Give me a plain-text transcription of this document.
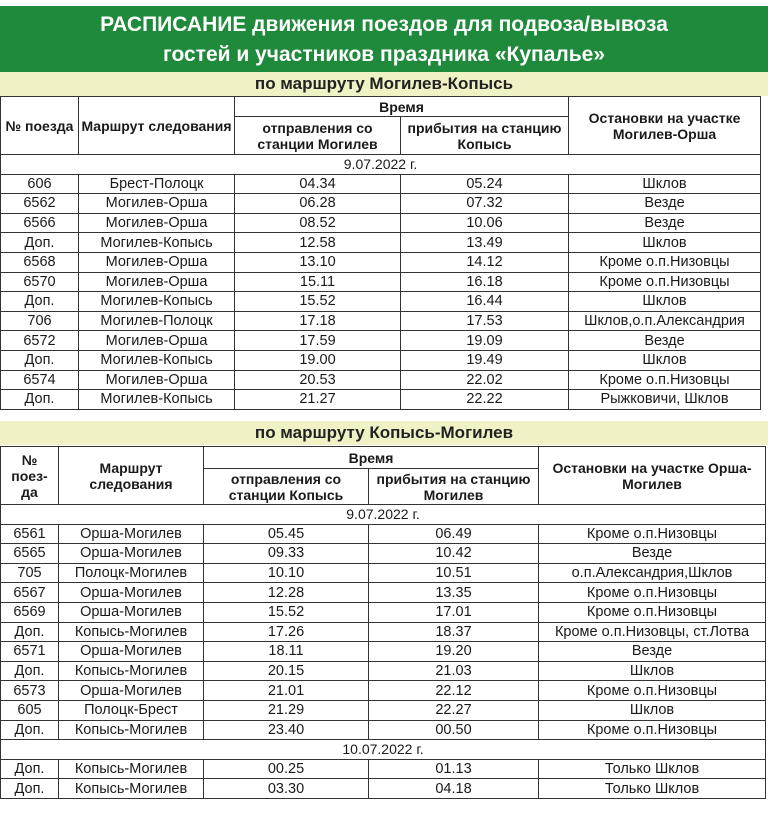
РАСПИСАНИЕ движения поездов для подвоза/вывоза
гостей и участников праздника «Купалье»
по маршруту Могилев-Копысь
№ поезда	Маршрут следования	Время		Остановки на участке Могилев-Орша
		отправления со станции Могилев	прибытия на станцию Копысь	
9.07.2022 г.				
606	Брест-Полоцк	04.34	05.24	Шклов
6562	Могилев-Орша	06.28	07.32	Везде
6566	Могилев-Орша	08.52	10.06	Везде
Доп.	Могилев-Копысь	12.58	13.49	Шклов
6568	Могилев-Орша	13.10	14.12	Кроме о.п.Низовцы
6570	Могилев-Орша	15.11	16.18	Кроме о.п.Низовцы
Доп.	Могилев-Копысь	15.52	16.44	Шклов
706	Могилев-Полоцк	17.18	17.53	Шклов,о.п.Александрия
6572	Могилев-Орша	17.59	19.09	Везде
Доп.	Могилев-Копысь	19.00	19.49	Шклов
6574	Могилев-Орша	20.53	22.02	Кроме о.п.Низовцы
Доп.	Могилев-Копысь	21.27	22.22	Рыжковичи, Шклов
по маршруту Копысь-Могилев
№ поез- да	Маршрут следования	Время		Остановки на участке Орша-Могилев
		отправления со станции Копысь	прибытия на станцию Могилев	
9.07.2022 г.				
6561	Орша-Могилев	05.45	06.49	Кроме о.п.Низовцы
6565	Орша-Могилев	09.33	10.42	Везде
705	Полоцк-Могилев	10.10	10.51	о.п.Александрия,Шклов
6567	Орша-Могилев	12.28	13.35	Кроме о.п.Низовцы
6569	Орша-Могилев	15.52	17.01	Кроме о.п.Низовцы
Доп.	Копысь-Могилев	17.26	18.37	Кроме о.п.Низовцы, ст.Лотва
6571	Орша-Могилев	18.11	19.20	Везде
Доп.	Копысь-Могилев	20.15	21.03	Шклов
6573	Орша-Могилев	21.01	22.12	Кроме о.п.Низовцы
605	Полоцк-Брест	21.29	22.27	Шклов
Доп.	Копысь-Могилев	23.40	00.50	Кроме о.п.Низовцы
10.07.2022 г.				
Доп.	Копысь-Могилев	00.25	01.13	Только Шклов
Доп.	Копысь-Могилев	03.30	04.18	Только Шклов
